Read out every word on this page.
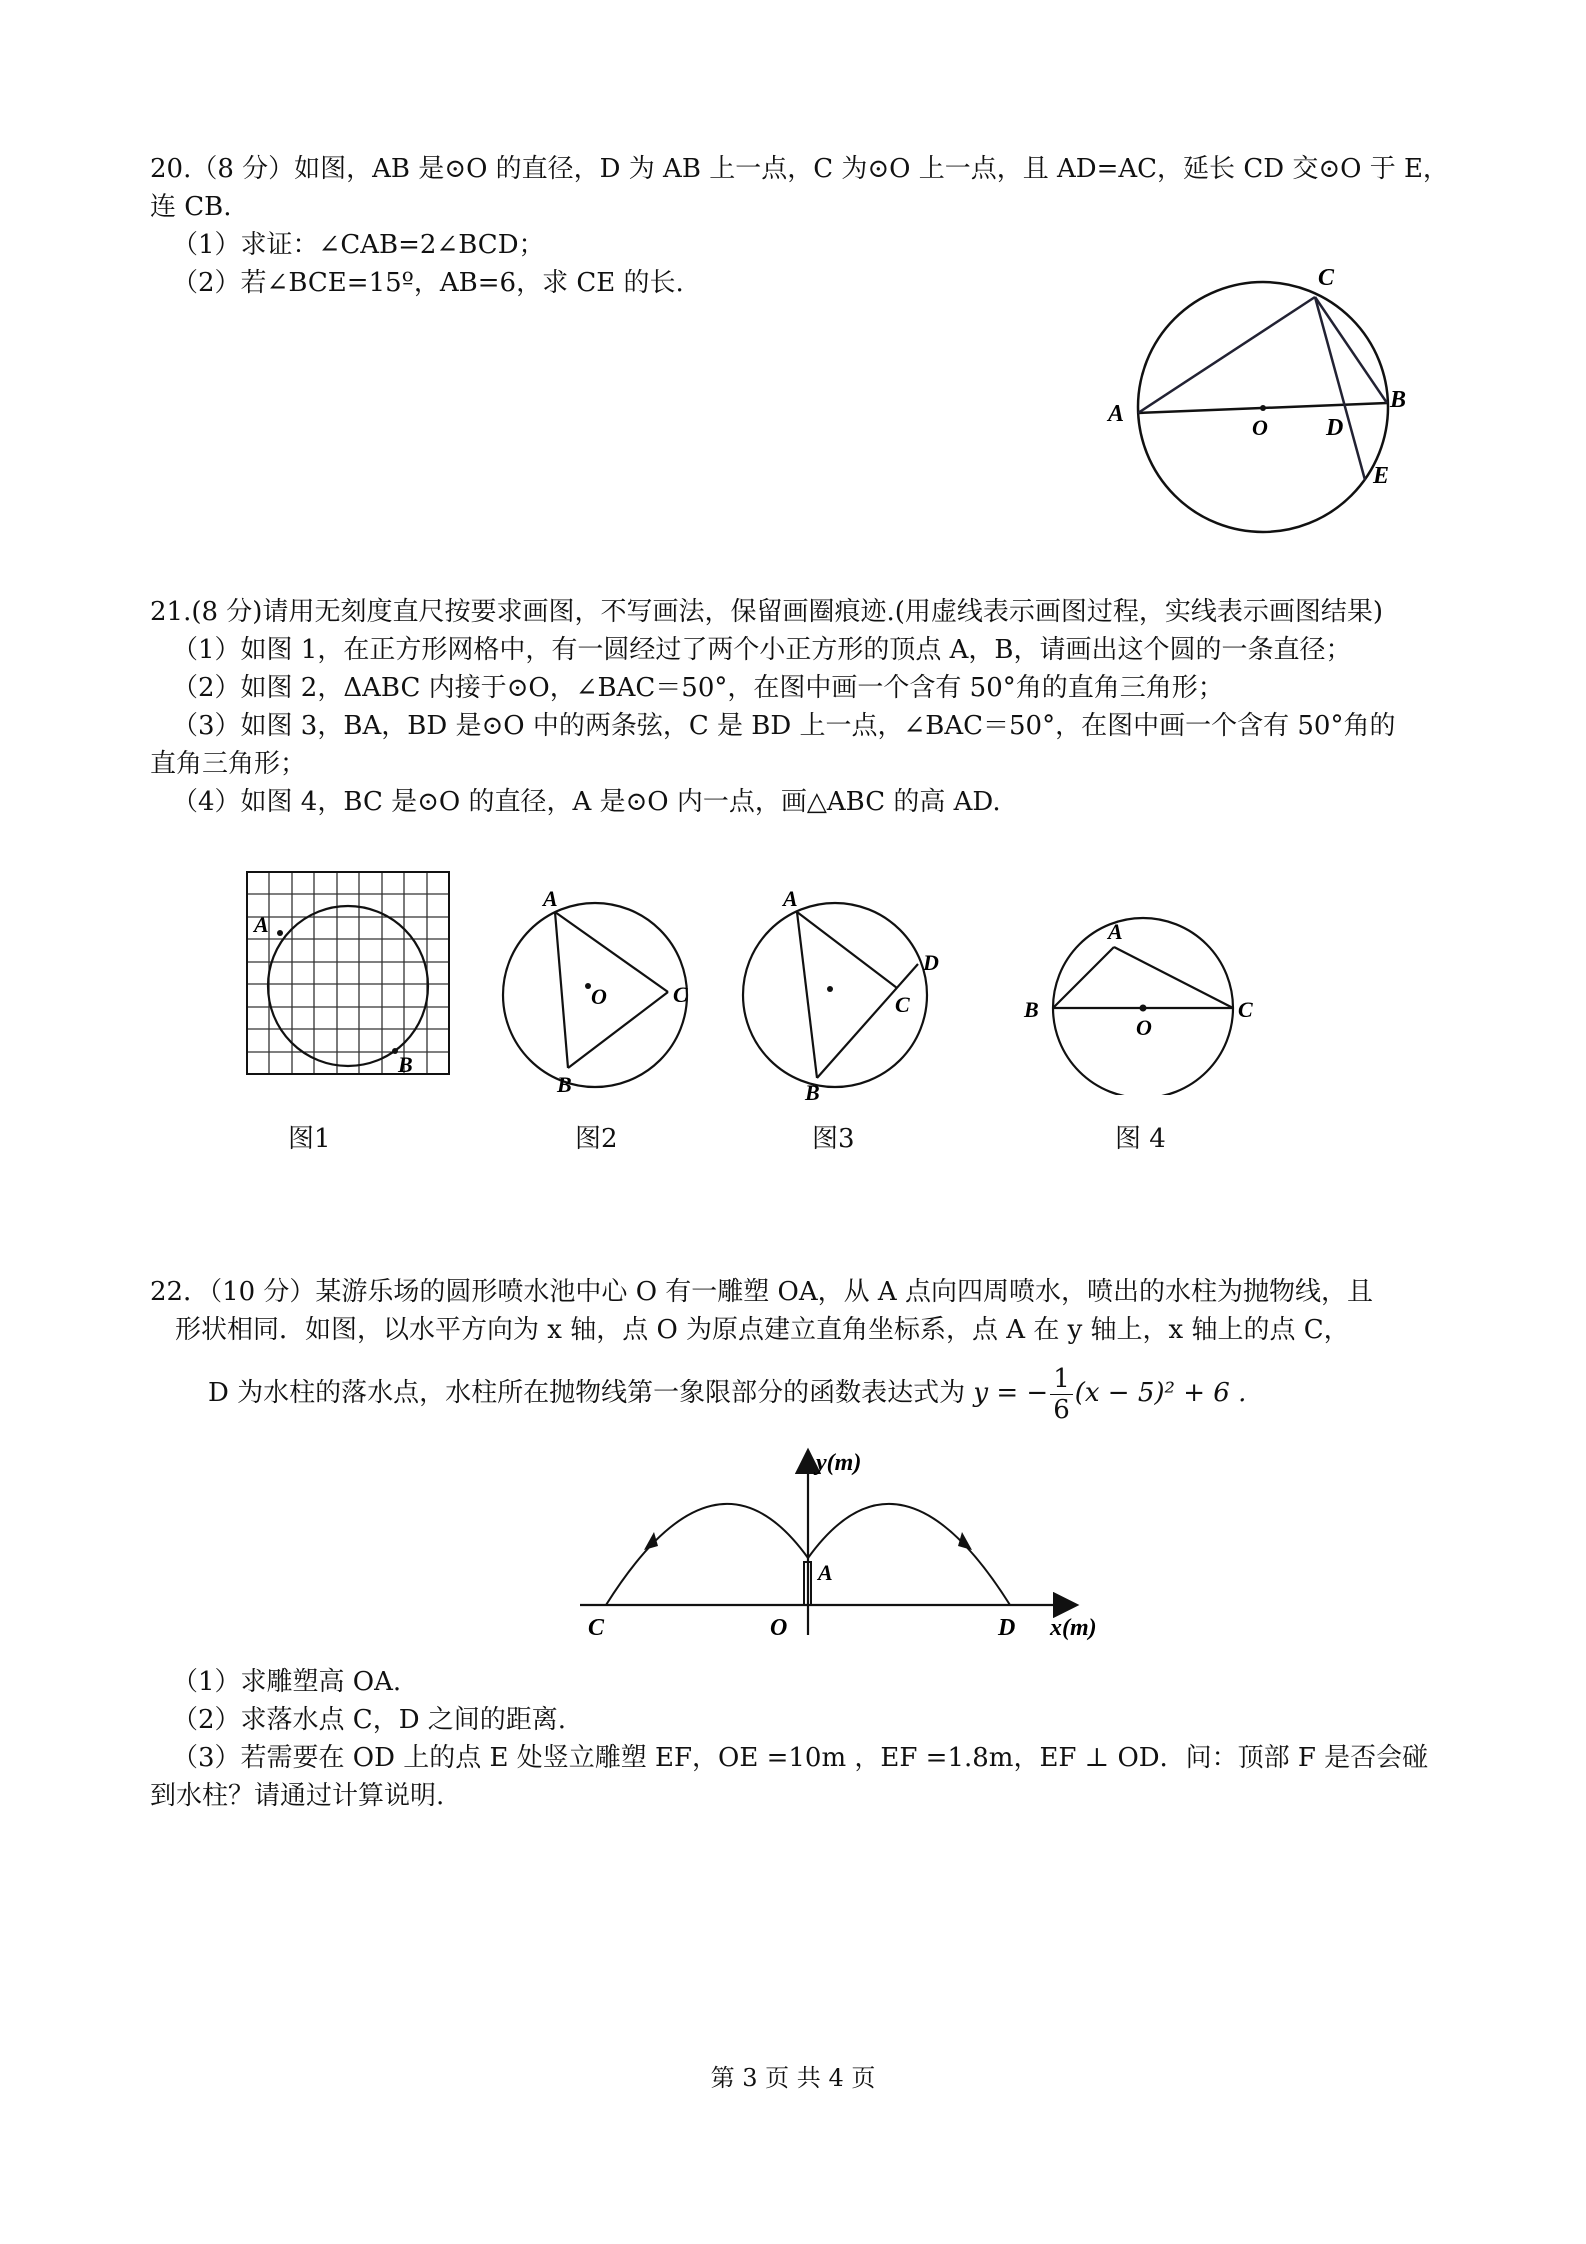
20.（8 分）如图，AB 是⊙O 的直径，D 为 AB 上一点，C 为⊙O 上一点，且 AD=AC，延长 CD 交⊙O 于 E，
连 CB.
（1）求证：∠CAB=2∠BCD；
（2）若∠BCE=15º，AB=6，求 CE 的长.	C
A
O D
B
E
21.(8 分)请用无刻度直尺按要求画图，不写画法，保留画圈痕迹.(用虚线表示画图过程，实线表示画图结果)
（1）如图 1，在正方形网格中，有一圆经过了两个小正方形的顶点 A，B，请画出这个圆的一条直径；
（2）如图 2，ΔABC 内接于⊙O，∠BAC＝50°，在图中画一个含有 50°角的直角三角形；
（3）如图 3，BA，BD 是⊙O 中的两条弦，C 是 BD 上一点，∠BAC＝50°，在图中画一个含有 50°角的
直角三角形；
（4）如图 4，BC 是⊙O 的直径，A 是⊙O 内一点，画△ABC 的高 AD.
A
B
图1
A
C
B
O
图2
A
D
C
B
图3
A
B	C
O
图 4
22．（10 分）某游乐场的圆形喷水池中心 O 有一雕塑 OA，从 A 点向四周喷水，喷出的水柱为抛物线，且
形状相同．如图，以水平方向为 x 轴，点 O 为原点建立直角坐标系，点 A 在 y 轴上，x 轴上的点 C，
D 为水柱的落水点，水柱所在抛物线第一象限部分的函数表达式为 y = − $\frac{1}{6} (x - 5)^2 + 6$ .
y(m)
x(m)
A
C	O	D
（1）求雕塑高 OA.
（2）求落水点 C，D 之间的距离.
（3）若需要在 OD 上的点 E 处竖立雕塑 EF，OE =10m ，EF =1.8m，EF ⊥ OD．问：顶部 F 是否会碰
到水柱？请通过计算说明.
第 3 页 共 4 页
